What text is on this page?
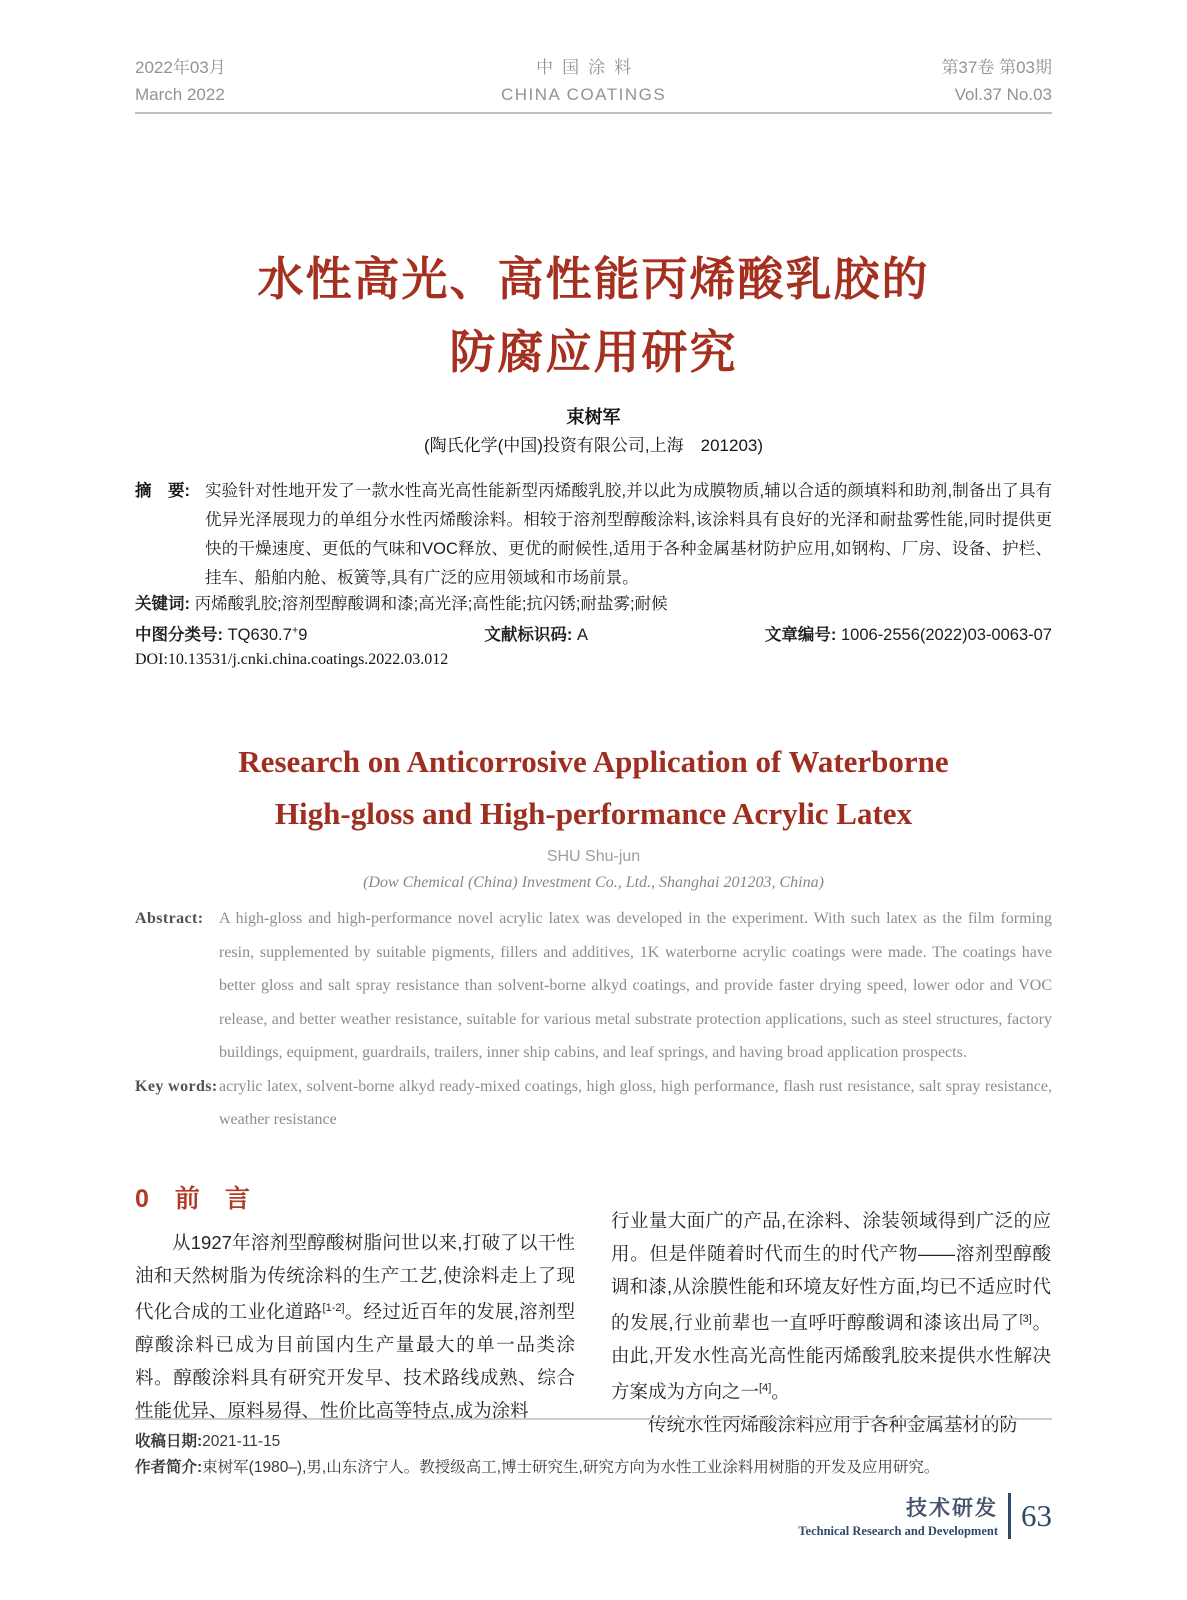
2022年03月
March 2022
中国涂料
CHINA COATINGS
第37卷 第03期
Vol.37 No.03
水性高光、高性能丙烯酸乳胶的
防腐应用研究
束树军
(陶氏化学(中国)投资有限公司,上海　201203)
摘　要: 实验针对性地开发了一款水性高光高性能新型丙烯酸乳胶,并以此为成膜物质,辅以合适的颜填料和助剂,制备出了具有优异光泽展现力的单组分水性丙烯酸涂料。相较于溶剂型醇酸涂料,该涂料具有良好的光泽和耐盐雾性能,同时提供更快的干燥速度、更低的气味和VOC释放、更优的耐候性,适用于各种金属基材防护应用,如钢构、厂房、设备、护栏、挂车、船舶内舱、板簧等,具有广泛的应用领域和市场前景。
关键词: 丙烯酸乳胶;溶剂型醇酸调和漆;高光泽;高性能;抗闪锈;耐盐雾;耐候
中图分类号: TQ630.7+9	文献标识码: A	文章编号: 1006-2556(2022)03-0063-07
DOI:10.13531/j.cnki.china.coatings.2022.03.012
Research on Anticorrosive Application of Waterborne
High-gloss and High-performance Acrylic Latex
SHU Shu-jun
(Dow Chemical (China) Investment Co., Ltd., Shanghai 201203, China)
Abstract: A high-gloss and high-performance novel acrylic latex was developed in the experiment. With such latex as the film forming resin, supplemented by suitable pigments, fillers and additives, 1K waterborne acrylic coatings were made. The coatings have better gloss and salt spray resistance than solvent-borne alkyd coatings, and provide faster drying speed, lower odor and VOC release, and better weather resistance, suitable for various metal substrate protection applications, such as steel structures, factory buildings, equipment, guardrails, trailers, inner ship cabins, and leaf springs, and having broad application prospects.
Key words: acrylic latex, solvent-borne alkyd ready-mixed coatings, high gloss, high performance, flash rust resistance, salt spray resistance, weather resistance
0 前　言

从1927年溶剂型醇酸树脂问世以来,打破了以干性油和天然树脂为传统涂料的生产工艺,使涂料走上了现代化合成的工业化道路[1-2]。经过近百年的发展,溶剂型醇酸涂料已成为目前国内生产量最大的单一品类涂料。醇酸涂料具有研究开发早、技术路线成熟、综合性能优异、原料易得、性价比高等特点,成为涂料

行业量大面广的产品,在涂料、涂装领域得到广泛的应用。但是伴随着时代而生的时代产物——溶剂型醇酸调和漆,从涂膜性能和环境友好性方面,均已不适应时代的发展,行业前辈也一直呼吁醇酸调和漆该出局了[3]。由此,开发水性高光高性能丙烯酸乳胶来提供水性解决方案成为方向之一[4]。

传统水性丙烯酸涂料应用于各种金属基材的防

收稿日期:2021-11-15
作者简介:束树军(1980–),男,山东济宁人。教授级高工,博士研究生,研究方向为水性工业涂料用树脂的开发及应用研究。
技术研发
Technical Research and Development 63
